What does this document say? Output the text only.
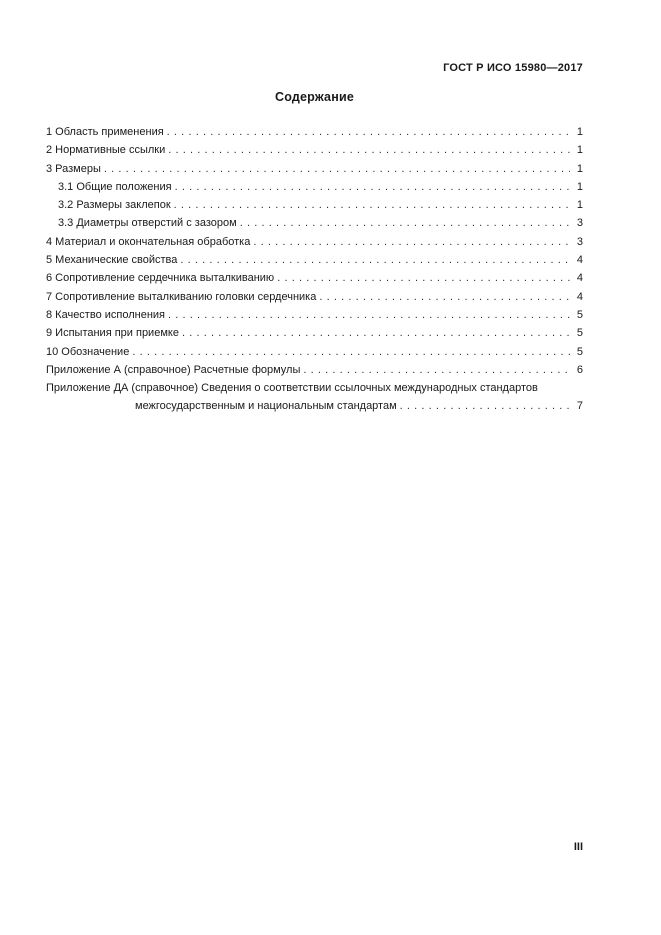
ГОСТ Р ИСО 15980—2017
Содержание
1 Область применения .....	1
2 Нормативные ссылки .....	1
3 Размеры .....	1
3.1 Общие положения .....	1
3.2 Размеры заклепок .....	1
3.3 Диаметры отверстий с зазором .....	3
4 Материал и окончательная обработка .....	3
5 Механические свойства .....	4
6 Сопротивление сердечника выталкиванию .....	4
7 Сопротивление выталкиванию головки сердечника .....	4
8 Качество исполнения .....	5
9 Испытания при приемке .....	5
10 Обозначение .....	5
Приложение А (справочное) Расчетные формулы .....	6
Приложение ДА (справочное) Сведения о соответствии ссылочных международных стандартов
межгосударственным и национальным стандартам .....	7
III
